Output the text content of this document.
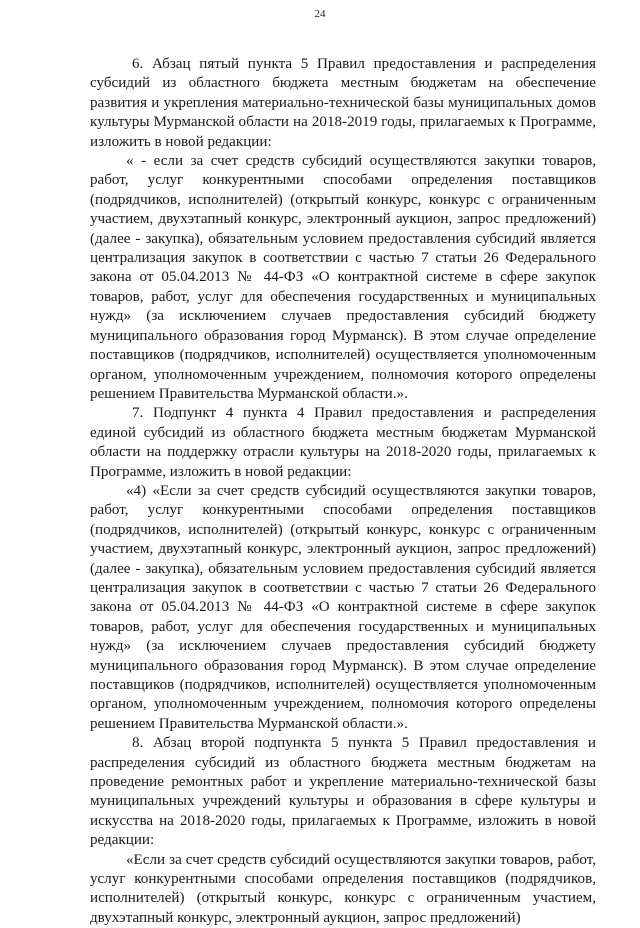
24

6. Абзац пятый пункта 5 Правил предоставления и распределения субсидий из областного бюджета местным бюджетам на обеспечение развития и укрепления материально-технической базы муниципальных домов культуры Мурманской области на 2018-2019 годы, прилагаемых к Программе, изложить в новой редакции:

« - если за счет средств субсидий осуществляются закупки товаров, работ, услуг конкурентными способами определения поставщиков (подрядчиков, исполнителей) (открытый конкурс, конкурс с ограниченным участием, двухэтапный конкурс, электронный аукцион, запрос предложений) (далее - закупка), обязательным условием предоставления субсидий является централизация закупок в соответствии с частью 7 статьи 26 Федерального закона от 05.04.2013 № 44-ФЗ «О контрактной системе в сфере закупок товаров, работ, услуг для обеспечения государственных и муниципальных нужд» (за исключением случаев предоставления субсидий бюджету муниципального образования город Мурманск). В этом случае определение поставщиков (подрядчиков, исполнителей) осуществляется уполномоченным органом, уполномоченным учреждением, полномочия которого определены решением Правительства Мурманской области.».

7. Подпункт 4 пункта 4 Правил предоставления и распределения единой субсидий из областного бюджета местным бюджетам Мурманской области на поддержку отрасли культуры на 2018-2020 годы, прилагаемых к Программе, изложить в новой редакции:

«4) «Если за счет средств субсидий осуществляются закупки товаров, работ, услуг конкурентными способами определения поставщиков (подрядчиков, исполнителей) (открытый конкурс, конкурс с ограниченным участием, двухэтапный конкурс, электронный аукцион, запрос предложений) (далее - закупка), обязательным условием предоставления субсидий является централизация закупок в соответствии с частью 7 статьи 26 Федерального закона от 05.04.2013 № 44-ФЗ «О контрактной системе в сфере закупок товаров, работ, услуг для обеспечения государственных и муниципальных нужд» (за исключением случаев предоставления субсидий бюджету муниципального образования город Мурманск). В этом случае определение поставщиков (подрядчиков, исполнителей) осуществляется уполномоченным органом, уполномоченным учреждением, полномочия которого определены решением Правительства Мурманской области.».

8. Абзац второй подпункта 5 пункта 5 Правил предоставления и распределения субсидий из областного бюджета местным бюджетам на проведение ремонтных работ и укрепление материально-технической базы муниципальных учреждений культуры и образования в сфере культуры и искусства на 2018-2020 годы, прилагаемых к Программе, изложить в новой редакции:

«Если за счет средств субсидий осуществляются закупки товаров, работ, услуг конкурентными способами определения поставщиков (подрядчиков, исполнителей) (открытый конкурс, конкурс с ограниченным участием, двухэтапный конкурс, электронный аукцион, запрос предложений)
